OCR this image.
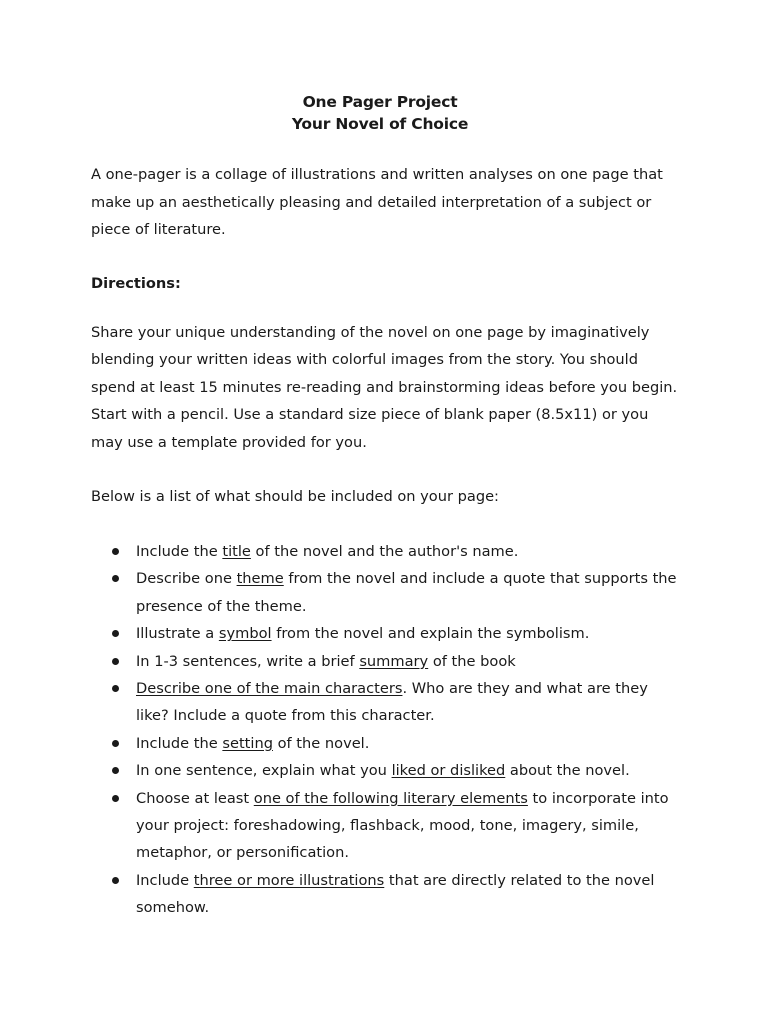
One Pager Project
Your Novel of Choice

A one-pager is a collage of illustrations and written analyses on one page that make up an aesthetically pleasing and detailed interpretation of a subject or piece of literature.

Directions:

Share your unique understanding of the novel on one page by imaginatively blending your written ideas with colorful images from the story. You should spend at least 15 minutes re-reading and brainstorming ideas before you begin. Start with a pencil. Use a standard size piece of blank paper (8.5x11) or you may use a template provided for you.

Below is a list of what should be included on your page:

Include the title of the novel and the author's name.
Describe one theme from the novel and include a quote that supports the presence of the theme.
Illustrate a symbol from the novel and explain the symbolism.
In 1-3 sentences, write a brief summary of the book
Describe one of the main characters. Who are they and what are they like? Include a quote from this character.
Include the setting of the novel.
In one sentence, explain what you liked or disliked about the novel.
Choose at least one of the following literary elements to incorporate into your project: foreshadowing, flashback, mood, tone, imagery, simile, metaphor, or personification.
Include three or more illustrations that are directly related to the novel somehow.
